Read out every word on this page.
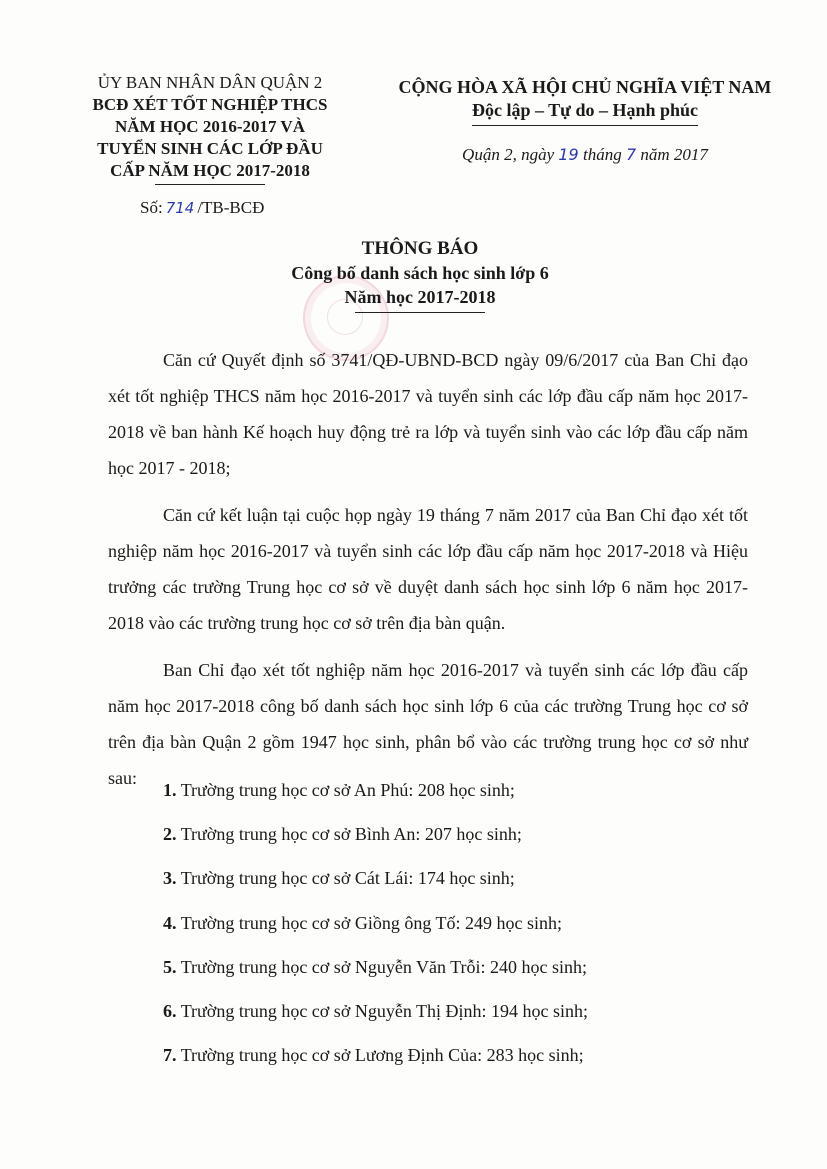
ỦY BAN NHÂN DÂN QUẬN 2
BCĐ XÉT TỐT NGHIỆP THCS
NĂM HỌC 2016-2017 VÀ
TUYỂN SINH CÁC LỚP ĐẦU
CẤP NĂM HỌC 2017-2018
Số: 714 /TB-BCĐ
CỘNG HÒA XÃ HỘI CHỦ NGHĨA VIỆT NAM
Độc lập – Tự do – Hạnh phúc
Quận 2, ngày 19 tháng 7 năm 2017
THÔNG BÁO
Công bố danh sách học sinh lớp 6
Năm học 2017-2018

Căn cứ Quyết định số 3741/QĐ-UBND-BCD ngày 09/6/2017 của Ban Chỉ đạo xét tốt nghiệp THCS năm học 2016-2017 và tuyển sinh các lớp đầu cấp năm học 2017-2018 về ban hành Kế hoạch huy động trẻ ra lớp và tuyển sinh vào các lớp đầu cấp năm học 2017 - 2018;

Căn cứ kết luận tại cuộc họp ngày 19 tháng 7 năm 2017 của Ban Chỉ đạo xét tốt nghiệp năm học 2016-2017 và tuyển sinh các lớp đầu cấp năm học 2017-2018 và Hiệu trưởng các trường Trung học cơ sở về duyệt danh sách học sinh lớp 6 năm học 2017-2018 vào các trường trung học cơ sở trên địa bàn quận.

Ban Chỉ đạo xét tốt nghiệp năm học 2016-2017 và tuyển sinh các lớp đầu cấp năm học 2017-2018 công bố danh sách học sinh lớp 6 của các trường Trung học cơ sở trên địa bàn Quận 2 gồm 1947 học sinh, phân bổ vào các trường trung học cơ sở như sau:

1. Trường trung học cơ sở An Phú: 208 học sinh;
2. Trường trung học cơ sở Bình An: 207 học sinh;
3. Trường trung học cơ sở Cát Lái: 174 học sinh;
4. Trường trung học cơ sở Giồng ông Tố: 249 học sinh;
5. Trường trung học cơ sở Nguyễn Văn Trỗi: 240 học sinh;
6. Trường trung học cơ sở Nguyễn Thị Định: 194 học sinh;
7. Trường trung học cơ sở Lương Định Của: 283 học sinh;
